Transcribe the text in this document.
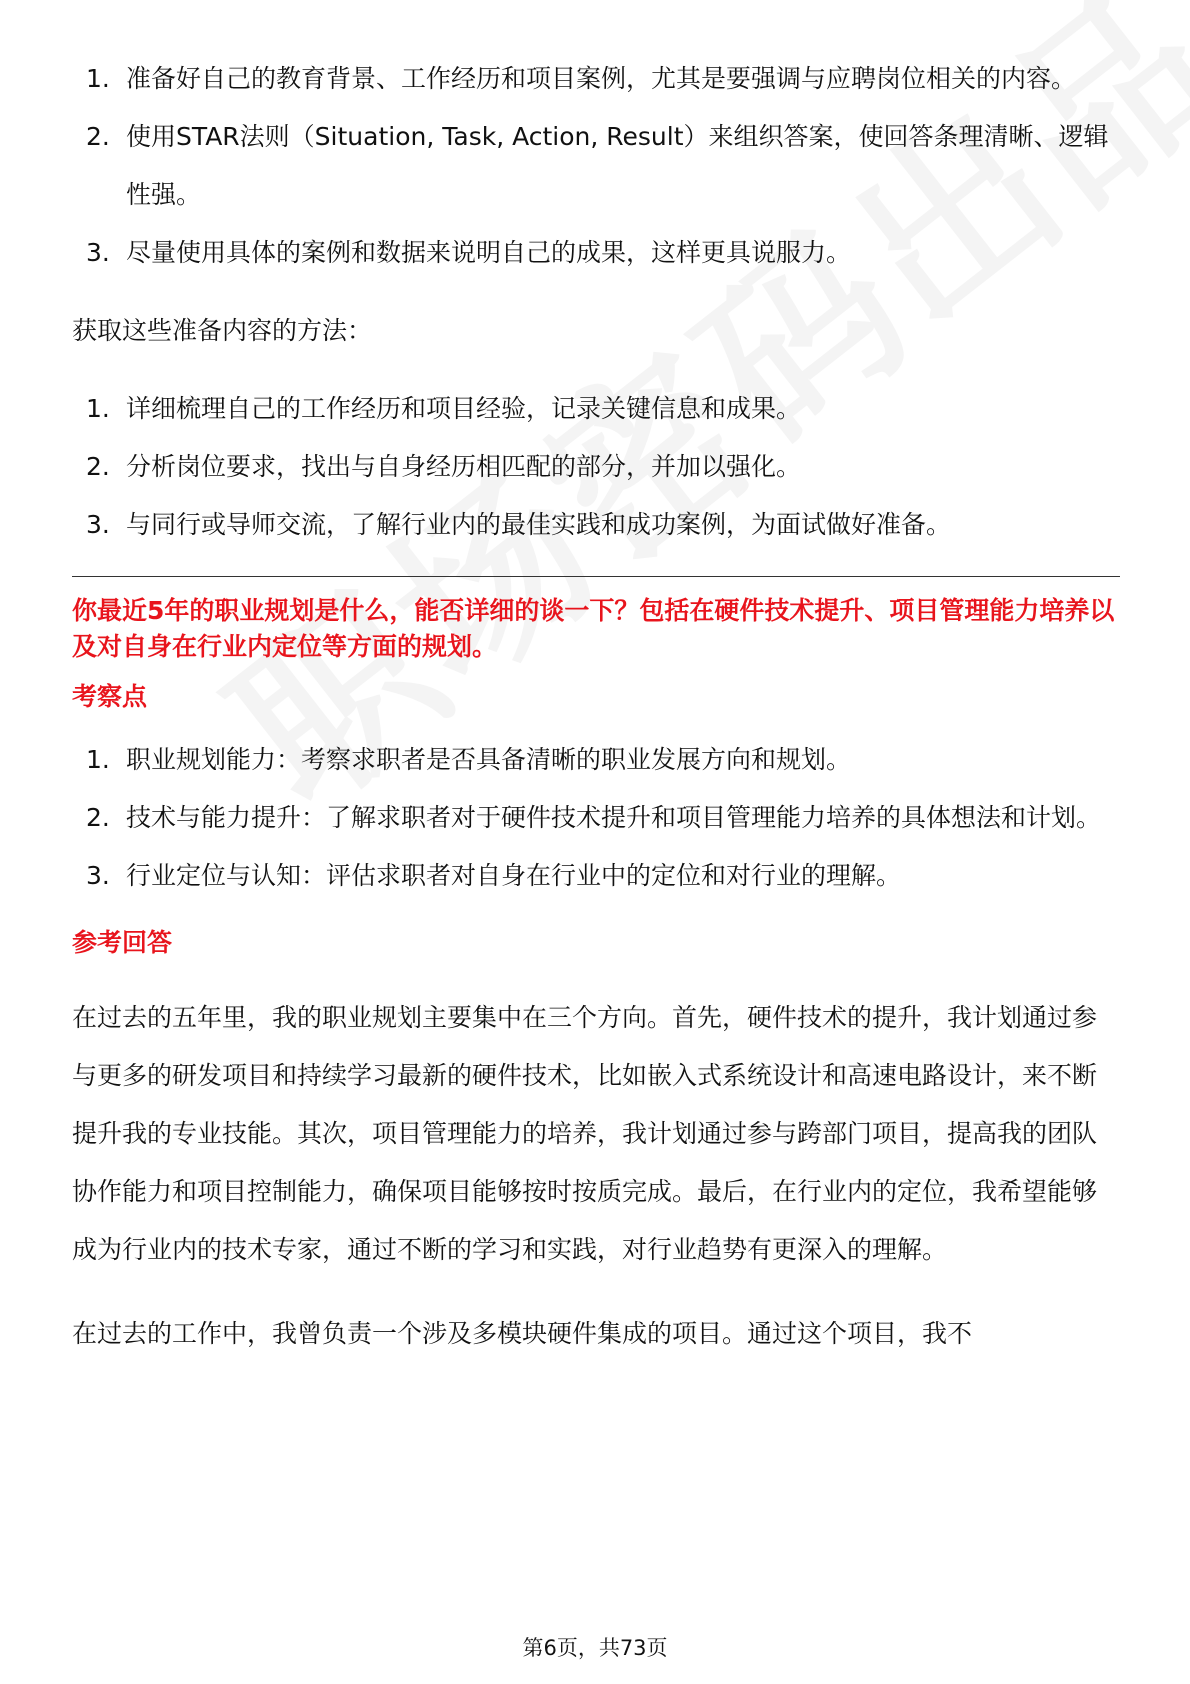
1. 准备好自己的教育背景、工作经历和项目案例，尤其是要强调与应聘岗位相关的内容。
2. 使用STAR法则（Situation, Task, Action, Result）来组织答案，使回答条理清晰、逻辑性强。
3. 尽量使用具体的案例和数据来说明自己的成果，这样更具说服力。

获取这些准备内容的方法：

1. 详细梳理自己的工作经历和项目经验，记录关键信息和成果。
2. 分析岗位要求，找出与自身经历相匹配的部分，并加以强化。
3. 与同行或导师交流，了解行业内的最佳实践和成功案例，为面试做好准备。

你最近5年的职业规划是什么，能否详细的谈一下？包括在硬件技术提升、项目管理能力培养以及对自身在行业内定位等方面的规划。

考察点
1. 职业规划能力：考察求职者是否具备清晰的职业发展方向和规划。
2. 技术与能力提升：了解求职者对于硬件技术提升和项目管理能力培养的具体想法和计划。
3. 行业定位与认知：评估求职者对自身在行业中的定位和对行业的理解。
参考回答

在过去的五年里，我的职业规划主要集中在三个方向。首先，硬件技术的提升，我计划通过参与更多的研发项目和持续学习最新的硬件技术，比如嵌入式系统设计和高速电路设计，来不断提升我的专业技能。其次，项目管理能力的培养，我计划通过参与跨部门项目，提高我的团队协作能力和项目控制能力，确保项目能够按时按质完成。最后，在行业内的定位，我希望能够成为行业内的技术专家，通过不断的学习和实践，对行业趋势有更深入的理解。

在过去的工作中，我曾负责一个涉及多模块硬件集成的项目。通过这个项目，我不

第6页，共73页
